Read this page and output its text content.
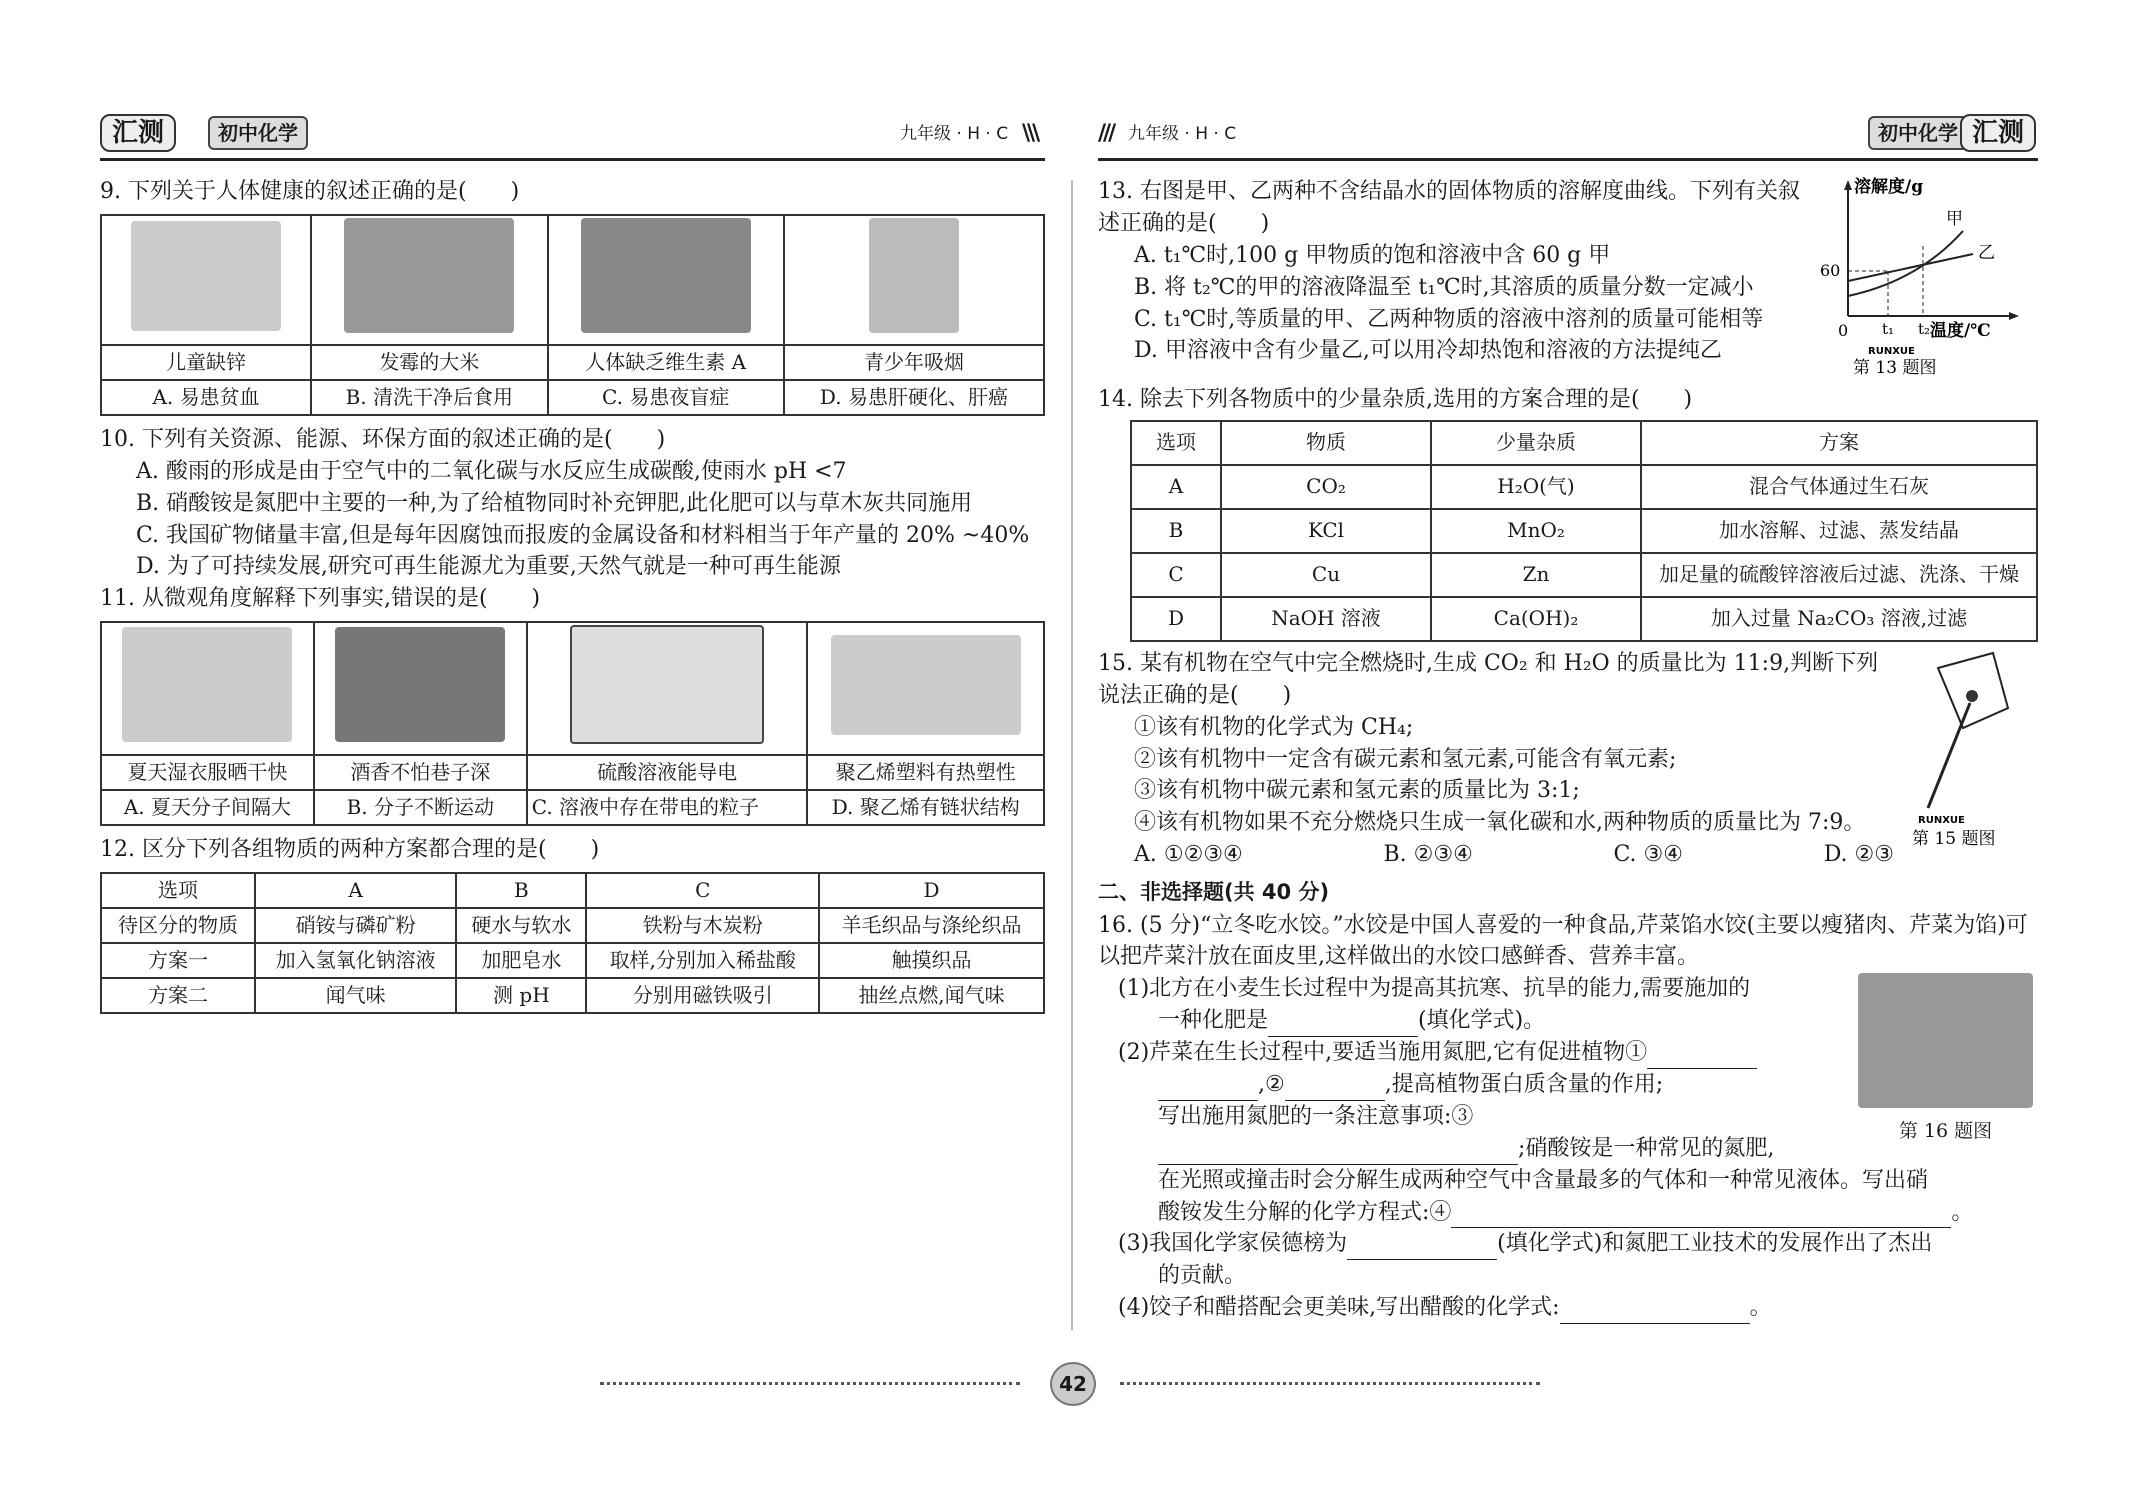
汇测	初中化学	九年级 · H · C \\\	/// 九年级 · H · C	初中化学 汇测

9. 下列关于人体健康的叙述正确的是(　　)

儿童缺锌	发霉的大米	人体缺乏维生素 A	青少年吸烟
A. 易患贫血	B. 清洗干净后食用	C. 易患夜盲症	D. 易患肝硬化、肝癌

10. 下列有关资源、能源、环保方面的叙述正确的是(　　)

A. 酸雨的形成是由于空气中的二氧化碳与水反应生成碳酸,使雨水 pH <7

B. 硝酸铵是氮肥中主要的一种,为了给植物同时补充钾肥,此化肥可以与草木灰共同施用

C. 我国矿物储量丰富,但是每年因腐蚀而报废的金属设备和材料相当于年产量的 20% ~40%

D. 为了可持续发展,研究可再生能源尤为重要,天然气就是一种可再生能源

11. 从微观角度解释下列事实,错误的是(　　)

夏天湿衣服晒干快	酒香不怕巷子深	硫酸溶液能导电	聚乙烯塑料有热塑性
A. 夏天分子间隔大	B. 分子不断运动	C. 溶液中存在带电的粒子	D. 聚乙烯有链状结构

12. 区分下列各组物质的两种方案都合理的是(　　)

选项	A	B	C	D
待区分的物质	硝铵与磷矿粉	硬水与软水	铁粉与木炭粉	羊毛织品与涤纶织品
方案一	加入氢氧化钠溶液	加肥皂水	取样,分别加入稀盐酸	触摸织品
方案二	闻气味	测 pH	分别用磁铁吸引	抽丝点燃,闻气味

13. 右图是甲、乙两种不含结晶水的固体物质的溶解度曲线。下列有关叙述正确的是(　　)

A. t₁℃时,100 g 甲物质的饱和溶液中含 60 g 甲

B. 将 t₂℃的甲的溶液降温至 t₁℃时,其溶质的质量分数一定减小

C. t₁℃时,等质量的甲、乙两种物质的溶液中溶剂的质量可能相等

D. 甲溶液中含有少量乙,可以用冷却热饱和溶液的方法提纯乙

溶解度/g
温度/℃
60
0 t₁ t₂
甲
乙
RUNXUE
第 13 题图

14. 除去下列各物质中的少量杂质,选用的方案合理的是(　　)

选项	物质	少量杂质	方案
A	CO₂	H₂O(气)	混合气体通过生石灰
B	KCl	MnO₂	加水溶解、过滤、蒸发结晶
C	Cu	Zn	加足量的硫酸锌溶液后过滤、洗涤、干燥
D	NaOH 溶液	Ca(OH)₂	加入过量 Na₂CO₃ 溶液,过滤

15. 某有机物在空气中完全燃烧时,生成 CO₂ 和 H₂O 的质量比为 11:9,判断下列说法正确的是(　　)

①该有机物的化学式为 CH₄;

②该有机物中一定含有碳元素和氢元素,可能含有氧元素;

③该有机物中碳元素和氢元素的质量比为 3:1;

④该有机物如果不充分燃烧只生成一氧化碳和水,两种物质的质量比为 7:9。

A. ①②③④	B. ②③④	C. ③④	D. ②③
RUNXUE
第 15 题图

二、非选择题(共 40 分)

16. (5 分)“立冬吃水饺。”水饺是中国人喜爱的一种食品,芹菜馅水饺(主要以瘦猪肉、芹菜为馅)可以把芹菜汁放在面皮里,这样做出的水饺口感鲜香、营养丰富。

(1)北方在小麦生长过程中为提高其抗寒、抗旱的能力,需要施加的

一种化肥是	(填化学式)。

(2)芹菜在生长过程中,要适当施用氮肥,它有促进植物①

,②	,提高植物蛋白质含量的作用;

写出施用氮肥的一条注意事项:③

;硝酸铵是一种常见的氮肥,

第 16 题图

在光照或撞击时会分解生成两种空气中含量最多的气体和一种常见液体。写出硝

酸铵发生分解的化学方程式:④	。

(3)我国化学家侯德榜为	(填化学式)和氮肥工业技术的发展作出了杰出

的贡献。

(4)饺子和醋搭配会更美味,写出醋酸的化学式:	。

42
